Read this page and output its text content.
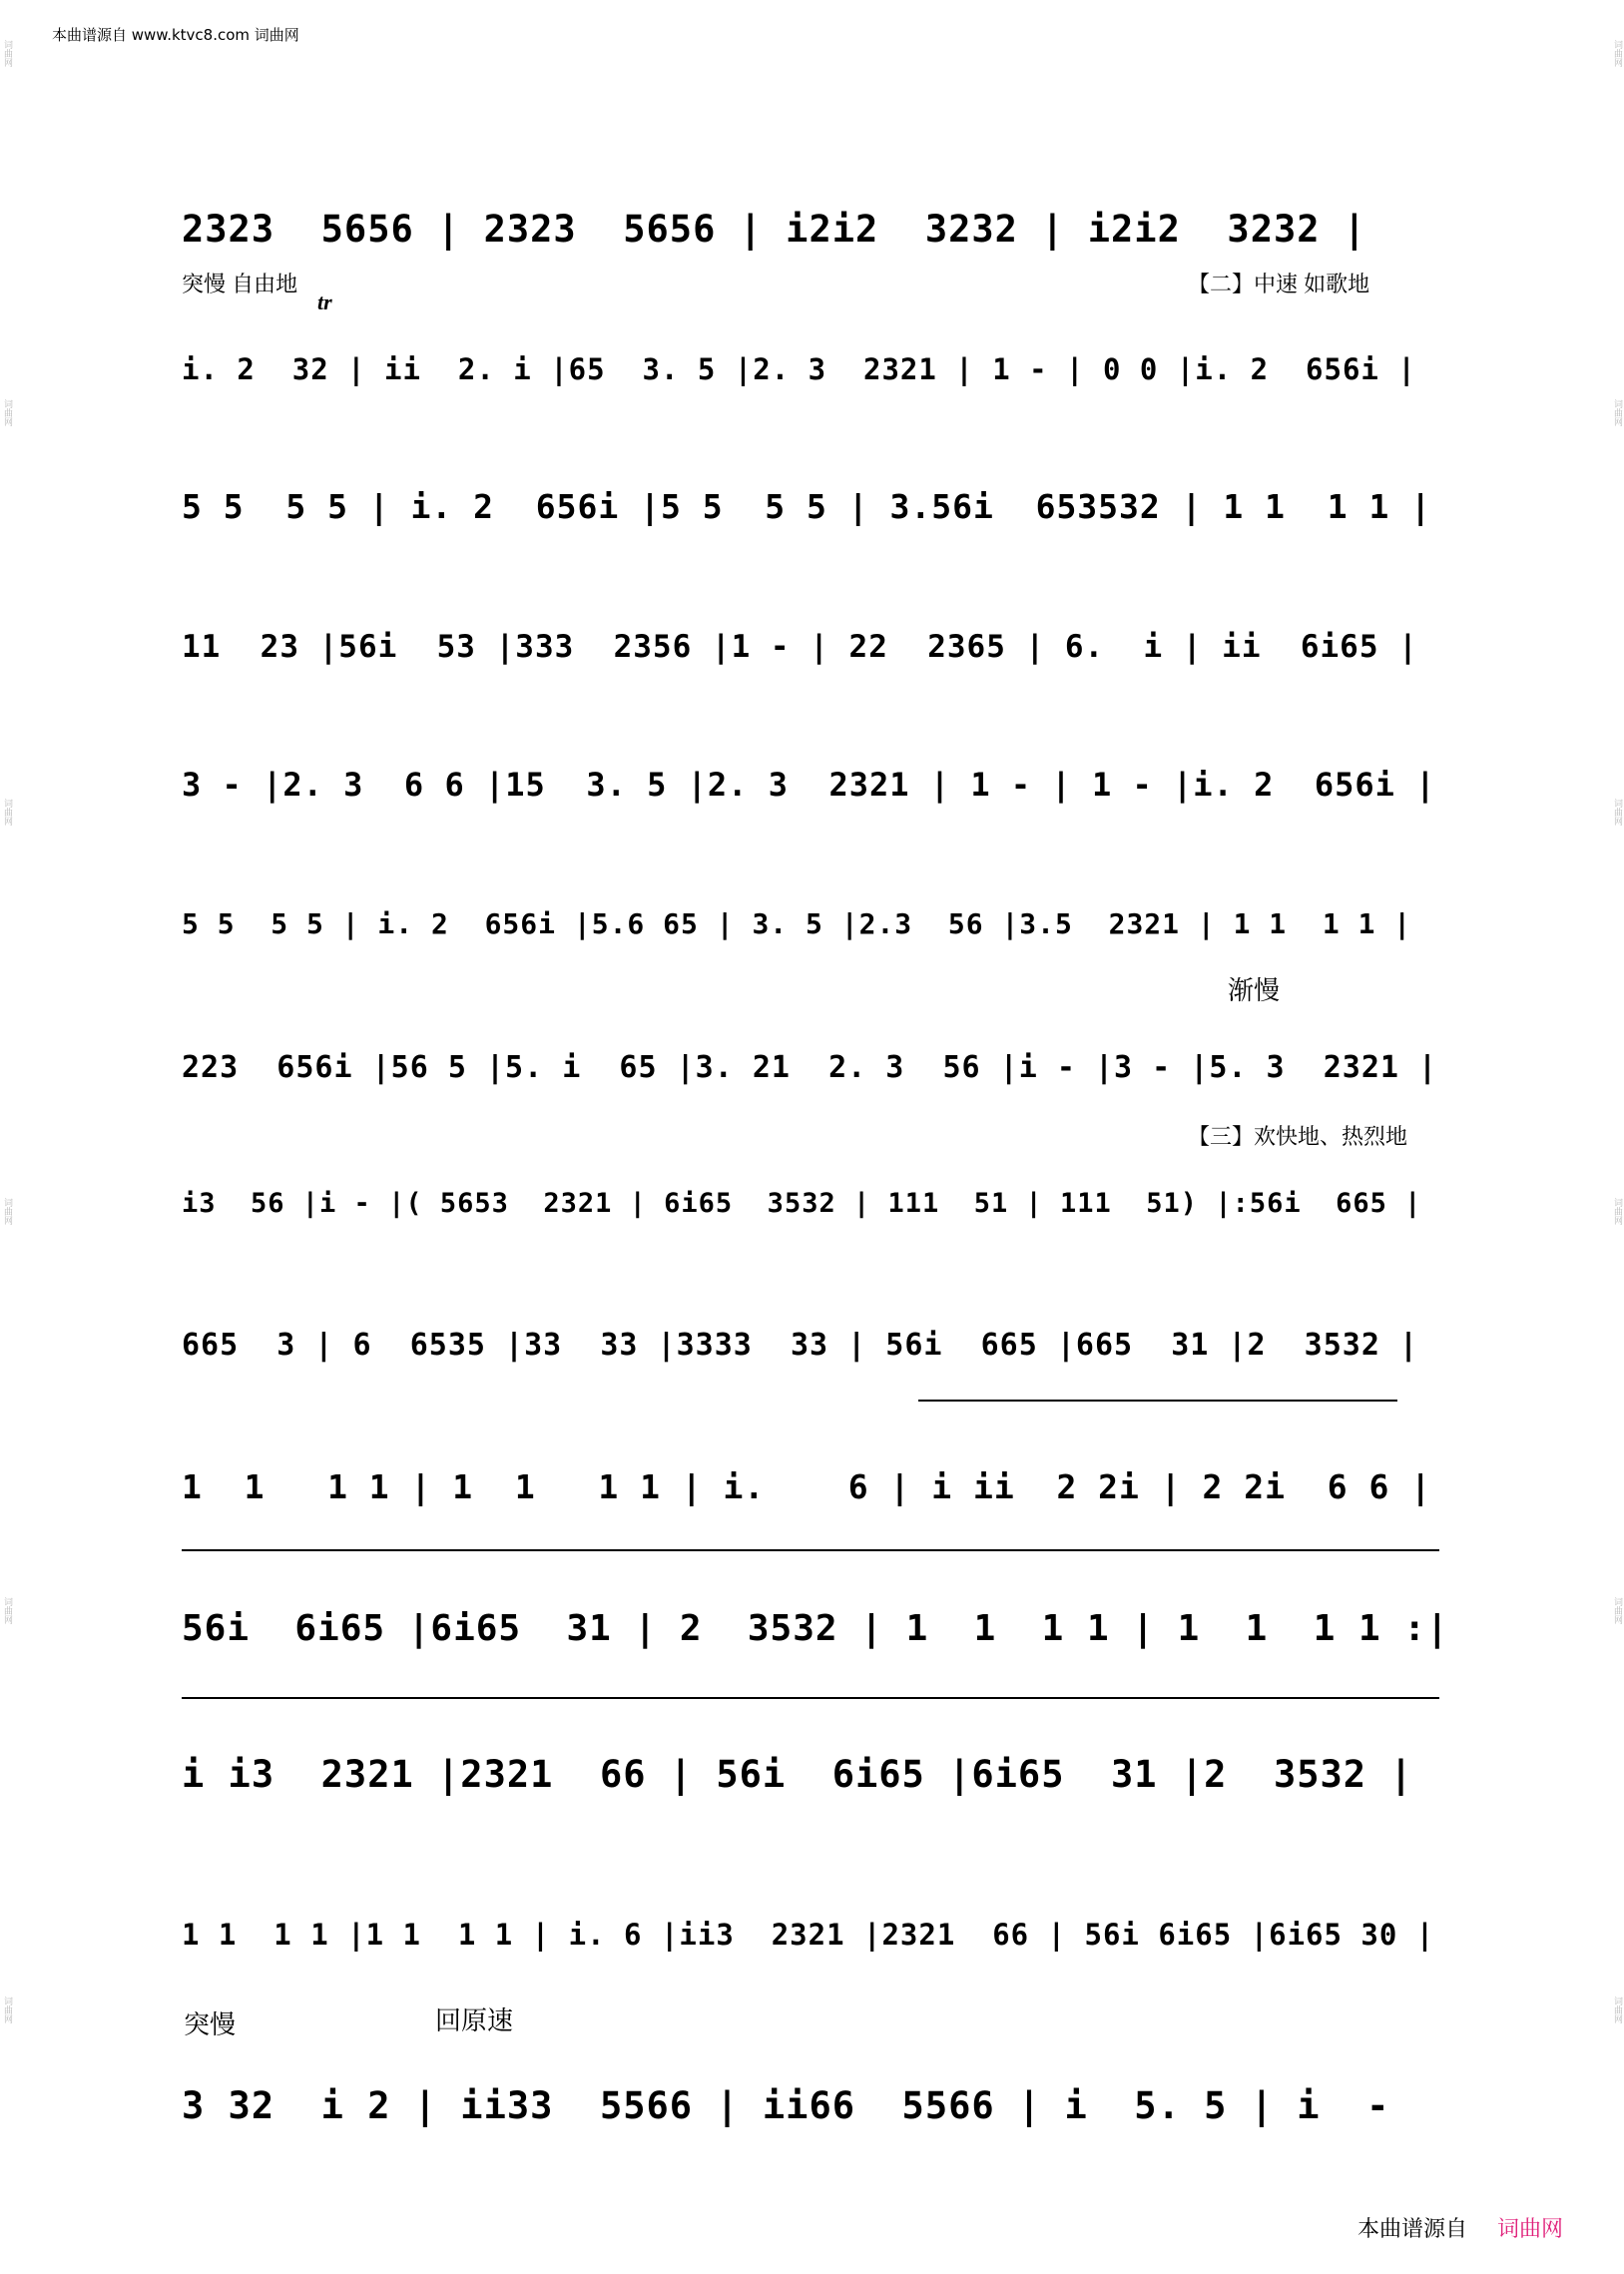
词曲网
词曲网
词曲网
词曲网
词曲网
词曲网
词曲网
词曲网
词曲网
词曲网
词曲网
词曲网
本曲谱源自 www.ktvc8.com 词曲网
突慢 自由地	【二】中速 如歌地
tr
渐慢
【三】欢快地、热烈地
突慢	回原速
2323  5656 | 2323  5656 | i2i2  3232 | i2i2  3232 |
i. 2  32 | ii  2. i |65  3. 5 |2. 3  2321 | 1 - | 0 0 |i. 2  656i |
5 5  5 5 | i. 2  656i |5 5  5 5 | 3.56i  653532 | 1 1  1 1 |
11  23 |56i  53 |333  2356 |1 - | 22  2365 | 6.  i | ii  6i65 |
3 - |2. 3  6 6 |15  3. 5 |2. 3  2321 | 1 - | 1 - |i. 2  656i |
5 5  5 5 | i. 2  656i |5.6 65 | 3. 5 |2.3  56 |3.5  2321 | 1 1  1 1 |
223  656i |56 5 |5. i  65 |3. 21  2. 3  56 |i - |3 - |5. 3  2321 |
i3  56 |i - |( 5653  2321 | 6i65  3532 | 111  51 | 111  51) |:56i  665 |
665  3 | 6  6535 |33  33 |3333  33 | 56i  665 |665  31 |2  3532 |
1  1   1 1 | 1  1   1 1 | i.    6 | i ii  2 2i | 2 2i  6 6 |
56i  6i65 |6i65  31 | 2  3532 | 1  1  1 1 | 1  1  1 1 :|
i i3  2321 |2321  66 | 56i  6i65 |6i65  31 |2  3532 |
1 1  1 1 |1 1  1 1 | i. 6 |ii3  2321 |2321  66 | 56i 6i65 |6i65 30 |
3 32  i 2 | ii33  5566 | ii66  5566 | i  5. 5 | i  -
本曲谱源自 词曲网
